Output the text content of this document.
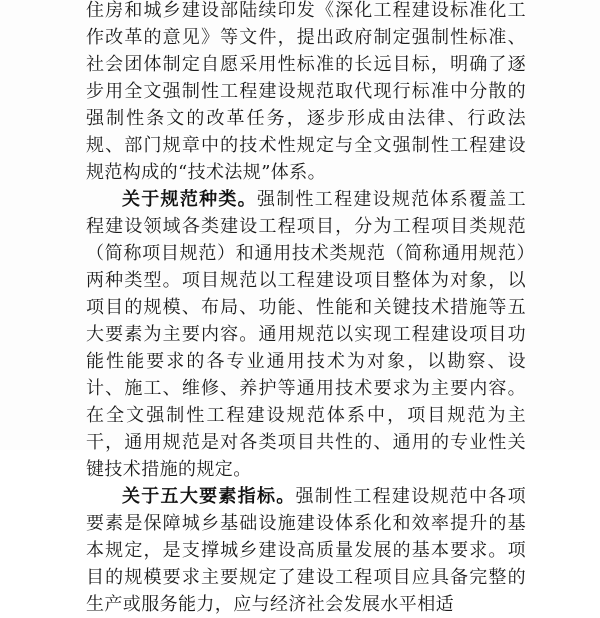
住房和城乡建设部陆续印发《深化工程建设标准化工作改革的意见》等文件，提出政府制定强制性标准、社会团体制定自愿采用性标准的长远目标，明确了逐步用全文强制性工程建设规范取代现行标准中分散的强制性条文的改革任务，逐步形成由法律、行政法规、部门规章中的技术性规定与全文强制性工程建设规范构成的“技术法规”体系。

关于规范种类。强制性工程建设规范体系覆盖工程建设领域各类建设工程项目，分为工程项目类规范（简称项目规范）和通用技术类规范（简称通用规范）两种类型。项目规范以工程建设项目整体为对象，以项目的规模、布局、功能、性能和关键技术措施等五大要素为主要内容。通用规范以实现工程建设项目功能性能要求的各专业通用技术为对象，以勘察、设计、施工、维修、养护等通用技术要求为主要内容。在全文强制性工程建设规范体系中，项目规范为主干，通用规范是对各类项目共性的、通用的专业性关键技术措施的规定。

关于五大要素指标。强制性工程建设规范中各项要素是保障城乡基础设施建设体系化和效率提升的基本规定，是支撑城乡建设高质量发展的基本要求。项目的规模要求主要规定了建设工程项目应具备完整的生产或服务能力，应与经济社会发展水平相适
